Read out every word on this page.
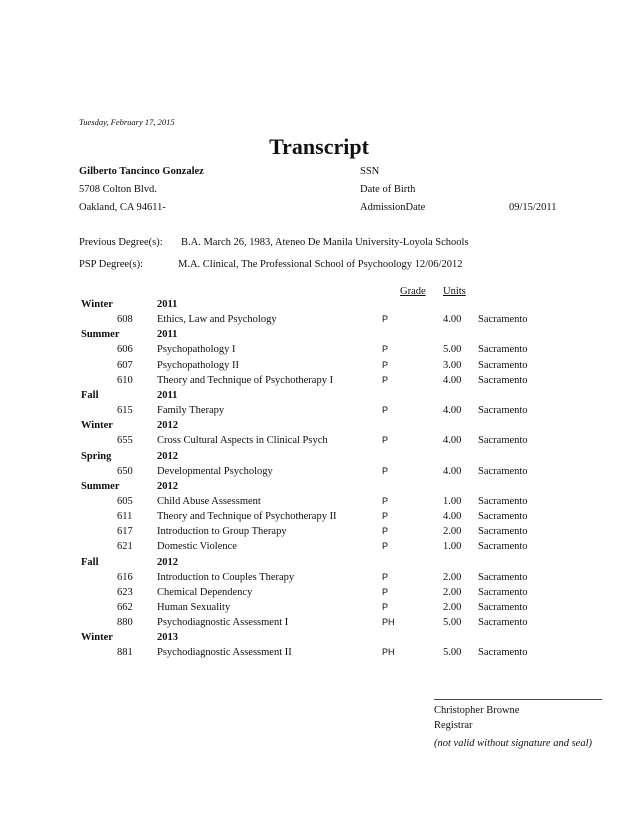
Tuesday, February 17, 2015
Transcript
Gilberto Tancinco Gonzalez
5708 Colton Blvd.
Oakland, CA 94611-
SSN
Date of Birth
AdmissionDate	09/15/2011
Previous Degree(s): B.A. March 26, 1983, Ateneo De Manila University-Loyola Schools
PSP Degree(s):	M.A. Clinical, The Professional School of Psychoology 12/06/2012
Grade Units
Winter	2011
608 Ethics, Law and Psychology	P	4.00 Sacramento
Summer	2011
606 Psychopathology I	P	5.00 Sacramento
607 Psychopathology II	P	3.00 Sacramento
610 Theory and Technique of Psychotherapy I	P	4.00 Sacramento
Fall	2011
615 Family Therapy	P	4.00 Sacramento
Winter	2012
655 Cross Cultural Aspects in Clinical Psych	P	4.00 Sacramento
Spring	2012
650 Developmental Psychology	P	4.00 Sacramento
Summer	2012
605 Child Abuse Assessment	P	1.00 Sacramento
611 Theory and Technique of Psychotherapy II	P	4.00 Sacramento
617 Introduction to Group Therapy	P	2.00 Sacramento
621 Domestic Violence	P	1.00 Sacramento
Fall	2012
616 Introduction to Couples Therapy	P	2.00 Sacramento
623 Chemical Dependency	P	2.00 Sacramento
662 Human Sexuality	P	2.00 Sacramento
880 Psychodiagnostic Assessment I	PH	5.00 Sacramento
Winter	2013
881 Psychodiagnostic Assessment II	PH	5.00 Sacramento
Christopher Browne
Registrar
(not valid without signature and seal)
